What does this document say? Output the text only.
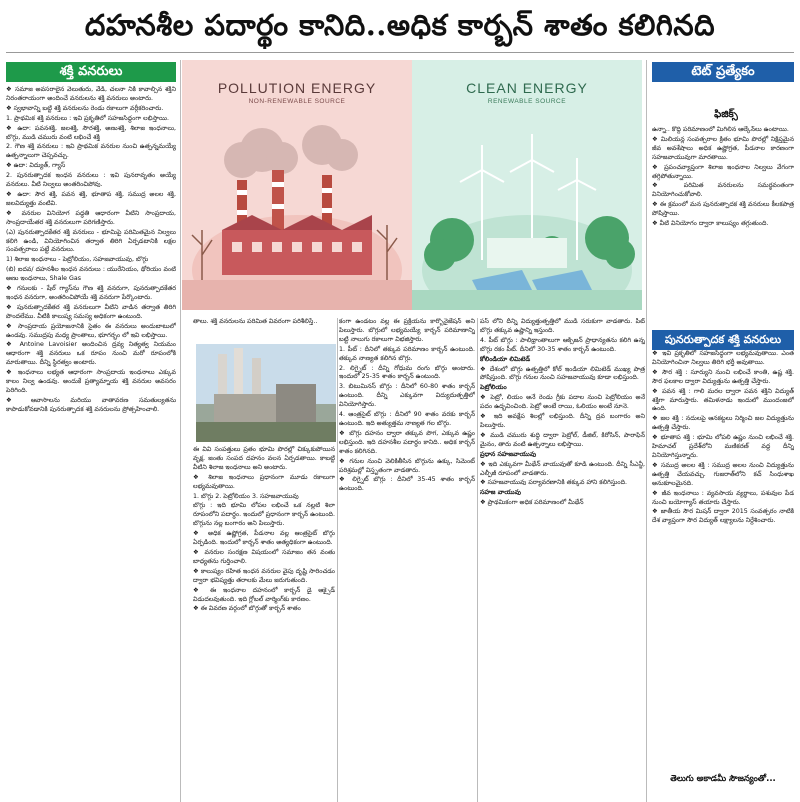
దహనశీల పదార్థం కానిది..అధిక కార్బన్ శాతం కలిగినది
శక్తి వనరులు	టెట్ ప్రత్యేకం
ఫిజిక్స్
POLLUTION ENERGY
NON-RENEWABLE SOURCE
CLEAN ENERGY
RENEWABLE SOURCE
పునరుత్పాదక శక్తి వనరులు

❖ సమాజ అవసరాలైన వెలుతురు, వేడి, చలనా నికి కావాల్సిన శక్తిని నిరంతరాయంగా అందించే వనరులను శక్తి వనరులు అంటారు.

❖ స్వభావాన్ని బట్టి శక్తి వనరులను రెండు రకాలుగా వర్గీకరించారు.

1. ప్రాథమిక శక్తి వనరులు : ఇవి ప్రకృతిలో సహజసిద్ధంగా లభిస్తాయి.

❖ ఉదా: పవనశక్తి, జలశక్తి, సౌరశక్తి, అణుశక్తి, శిలాజ ఇంధనాలు, బొగ్గు, ముడి చమురు వంటి లభించే శక్తి

2. గౌణ శక్తి వనరులు : ఇవి ప్రాథమిక వనరుల నుంచి ఉత్పన్నమయ్యే ఉత్పన్నాలుగా చెప్పవచ్చు.

❖ ఉదా: విద్యుత్, గ్యాస్

2. పునరుత్పాదక ఇంధన వనరులు : ఇవి పునరావృతం అయ్యే వనరులు. వీటి నిల్వలు అంతరించిపోవు.

❖ ఉదా: సౌర శక్తి, పవన శక్తి, భూతాప శక్తి, సముద్ర అలల శక్తి, జలవిద్యుత్తు వంటివి.

❖ వనరుల వినియోగ పద్ధతి ఆధారంగా వీటిని సాంప్రదాయ, సాంప్రదాయేతర శక్తి వనరులుగా పరిగణిస్తారు.

(ఎ) పునరుత్పాదకేతర శక్తి వనరులు - భూమిపై పరిమితమైన నిల్వలు కలిగి ఉండి, వినియోగించిన తర్వాత తిరిగి ఏర్పడటానికి లక్షల సంవత్సరాలు పట్టే వనరులు.

1) శిలాజ ఇంధనాలు - పెట్రోలియం, సహజవాయువు, బొగ్గు

(బి) ఐదవ/ దహనశీల ఇంధన వనరులు : యురేనియం, థోరియం వంటి అణు ఇంధనాలు, Shale Gas

❖ గనులకు - షేల్ గ్యాస్‌ను గౌణ శక్తి వనరుగా, పునరుత్పాదకేతర ఇంధన వనరుగా, అంతరించిపోయే శక్తి వనరుగా పేర్కొంటారు.

❖ పునరుత్పాదకేతర శక్తి వనరులుగా వీటిని వాడిన తర్వాత తిరిగి పొందలేము. వీటికి కాలుష్య సమస్య అధికంగా ఉంటుంది.

❖ సాంప్రదాయ ప్రయోజనానికి సైతం ఈ వనరులు అందుబాటులో ఉండవు. సముద్రపు మధ్య ప్రాంతాలు, భూగర్భం లో ఇవి లభిస్తాయి.

❖ Antoine Lavoisier అందించిన ద్రవ్య నిత్యత్వ నియమం ఆధారంగా శక్తి వనరులు ఒక రూపం నుంచి మరో రూపంలోకి మారుతాయి. దీన్ని స్థిరత్వం అంటారు.

❖ ఇంధనాలు లభ్యత ఆధారంగా సాంప్రదాయ ఇంధనాలు ఎక్కువ కాలం నిల్వ ఉండవు. అందుకే ప్రత్యామ్నాయ శక్తి వనరుల అవసరం పెరిగింది.

❖ ఆవాసాలను మరియు వాతావరణ సమతుల్యతను కాపాడుకోవడానికి పునరుత్పాదక శక్తి వనరులను ప్రోత్సహించాలి.

తాలు. శక్తి వనరులను పరిమిత వివరంగా పరిశీలిస్తే..

ఈ వివి సంపత్తులు ప్రతం భూమి పొరల్లో చిక్కుకుపోయిన వృక్ష, జంతు సంపద దహనం వలన ఏర్పడతాయి. కాబట్టి వీటిని శిలాజ ఇంధనాలు అని అంటారు.

❖ శిలాజ ఇంధనాలు ప్రధానంగా మూడు రకాలుగా లభ్యమవుతాయి.

1. బొగ్గు 2. పెట్రోలియం 3. సహజవాయువు

బొగ్గు : ఇది భూమి లోపల లభించే ఒక నల్లటి శిలా రూపంలోని పదార్థం. ఇందులో ప్రధానంగా కార్బన్ ఉంటుంది. బొగ్గును నల్ల బంగారం అని పిలుస్తారు.

❖ అధిక ఉష్ణోగ్రత, పీడనాల వల్ల ఆంత్రసైట్ బొగ్గు ఏర్పడింది. ఇందులో కార్బన్ శాతం అత్యధికంగా ఉంటుంది.

❖ వనరుల సంరక్షణ విషయంలో సమాజం తన వంతు బాధ్యతను గుర్తించాలి.

❖ కాలుష్యం రహిత ఇంధన వనరుల వైపు దృష్టి సారించడం ద్వారా భవిష్యత్తు తరాలకు మేలు జరుగుతుంది.

❖ ఈ ఇంధనాల దహనంలో కార్బన్ డై ఆక్సైడ్ విడుదలవుతుంది. ఇది గ్లోబల్ వార్మింగ్‌కు కారణం.

❖ ఈ వివరణ వర్గంలో బొగ్గుతో కార్బన్ శాతం

కంగా ఉండటం వల్ల ఈ ప్రక్రియను కార్బొనైజేషన్ అని పిలుస్తారు. బొగ్గులో లభ్యమయ్యే కార్బన్ పరిమాణాన్ని బట్టి నాలుగు రకాలుగా విభజిస్తారు.

1. పీట్ : దీనిలో తక్కువ పరిమాణం కార్బన్ ఉంటుంది. తక్కువ నాణ్యత కలిగిన బొగ్గు.

2. లిగ్నైట్ : దీన్ని గోధుమ రంగు బొగ్గు అంటారు. ఇందులో 25-35 శాతం కార్బన్ ఉంటుంది.

3. బిటుమినస్ బొగ్గు : దీనిలో 60-80 శాతం కార్బన్ ఉంటుంది. దీన్ని ఎక్కువగా విద్యుదుత్పత్తిలో వినియోగిస్తారు.

4. ఆంత్రసైట్ బొగ్గు : దీనిలో 90 శాతం వరకు కార్బన్ ఉంటుంది. ఇది అత్యుత్తమ నాణ్యత గల బొగ్గు.

❖ బొగ్గు దహనం ద్వారా తక్కువ పొగ, ఎక్కువ ఉష్ణం లభిస్తుంది. ఇది దహనశీల పదార్థం కానిది.. అధిక కార్బన్ శాతం కలిగినది.

❖ గనుల నుంచి వెలికితీసిన బొగ్గును ఉక్కు, సిమెంట్ పరిశ్రమల్లో విస్తృతంగా వాడతారు.

❖ లిగ్నైట్ బొగ్గు : దీనిలో 35-45 శాతం కార్బన్ ఉంటుంది.

పస్ లోని దీన్ని విద్యుత్తుత్పత్తిలో ముడి సరుకుగా వాడతారు. పీట్ బొగ్గు తక్కువ ఉష్ణాన్ని ఇస్తుంది.

4. పీట్ బొగ్గు : పాలిథ్రాంతాలుగా ఆక్సిజన్ ప్రాధాన్యతను కలిగి ఉన్న బొగ్గు రకం పీట్. దీనిలో 30-35 శాతం కార్బన్ ఉంటుంది.

కోలిండియా లిమిటెడ్

❖ దేశంలో బొగ్గు ఉత్పత్తిలో కోల్ ఇండియా లిమిటెడ్ ముఖ్య పాత్ర పోషిస్తుంది. బొగ్గు గనుల నుంచి సహజవాయువు కూడా లభిస్తుంది.

పెట్రోలియం

❖ పెట్రో, లియం అనే రెండు గ్రీకు పదాల నుంచి పెట్రోలియం అనే పదం ఉద్భవించింది. పెట్రో అంటే రాయి, ఓలియం అంటే నూనె.

❖ ఇది అవక్షేప శిలల్లో లభిస్తుంది. దీన్ని ద్రవ బంగారం అని పిలుస్తారు.

❖ ముడి చమురు శుద్ధి ద్వారా పెట్రోల్, డీజిల్, కిరోసిన్, పారాఫిన్ మైనం, తారు వంటి ఉత్పన్నాలు లభిస్తాయి.

ప్రధాన సహజవాయువు

❖ ఇది ఎక్కువగా మీథేన్ వాయువుతో కూడి ఉంటుంది. దీన్ని సీఎన్జీ, ఎల్పీజీ రూపంలో వాడతారు.

❖ సహజవాయువు పర్యావరణానికి తక్కువ హాని కలిగిస్తుంది.

సహజ వాయువు

❖ ప్రాథమికంగా అధిక పరిమాణంలో మీథేన్

ఉన్నా.. కొద్ది పరిమాణంలో మిగిలిన ఆల్కేన్‌లు ఉంటాయి.

❖ మిలియన్ల సంవత్సరాల క్రితం భూమి పొరల్లో నిక్షిప్తమైన జీవ అవశేషాలు అధిక ఉష్ణోగ్రత, పీడనాల కారణంగా సహజవాయువుగా మారతాయి.

❖ ప్రపంచవ్యాప్తంగా శిలాజ ఇంధనాల నిల్వలు వేగంగా తగ్గిపోతున్నాయి.

❖ పరిమిత వనరులను సమర్థవంతంగా వినియోగించుకోవాలి.

❖ ఈ క్రమంలో మన పునరుత్పాదక శక్తి వనరులు కీలకపాత్ర పోషిస్తాయి.

❖ వీటి వినియోగం ద్వారా కాలుష్యం తగ్గుతుంది.

❖ ఇవి ప్రకృతిలో సహజసిద్ధంగా లభ్యమవుతాయి. ఎంత వినియోగించినా నిల్వలు తిరిగి భర్తీ అవుతాయి.

❖ సౌర శక్తి : సూర్యుని నుంచి లభించే కాంతి, ఉష్ణ శక్తి. సౌర ఫలకాల ద్వారా విద్యుత్తును ఉత్పత్తి చేస్తారు.

❖ పవన శక్తి : గాలి మరల ద్వారా పవన శక్తిని విద్యుత్ శక్తిగా మారుస్తారు. తమిళనాడు ఇందులో ముందంజలో ఉంది.

❖ జల శక్తి : నదులపై ఆనకట్టలు నిర్మించి జల విద్యుత్తును ఉత్పత్తి చేస్తారు.

❖ భూతాప శక్తి : భూమి లోపలి ఉష్ణం నుంచి లభించే శక్తి. హిమాచల్ ప్రదేశ్‌లోని మణికరణ్ వద్ద దీన్ని వినియోగిస్తున్నారు.

❖ సముద్ర అలల శక్తి : సముద్ర అలల నుంచి విద్యుత్తును ఉత్పత్తి చేయవచ్చు. గుజరాత్‌లోని కచ్ సింధుశాఖ అనుకూలమైనది.

❖ జీవ ఇంధనాలు : వ్యవసాయ వ్యర్థాలు, పశువుల పేడ నుంచి బయోగ్యాస్ తయారు చేస్తారు.

❖ జాతీయ సౌర మిషన్ ద్వారా 2015 సంవత్సరం నాటికి దేశ వ్యాప్తంగా సౌర విద్యుత్ లక్ష్యాలను నిర్దేశించారు.

తెలుగు అకాడమీ సౌజన్యంతో...
